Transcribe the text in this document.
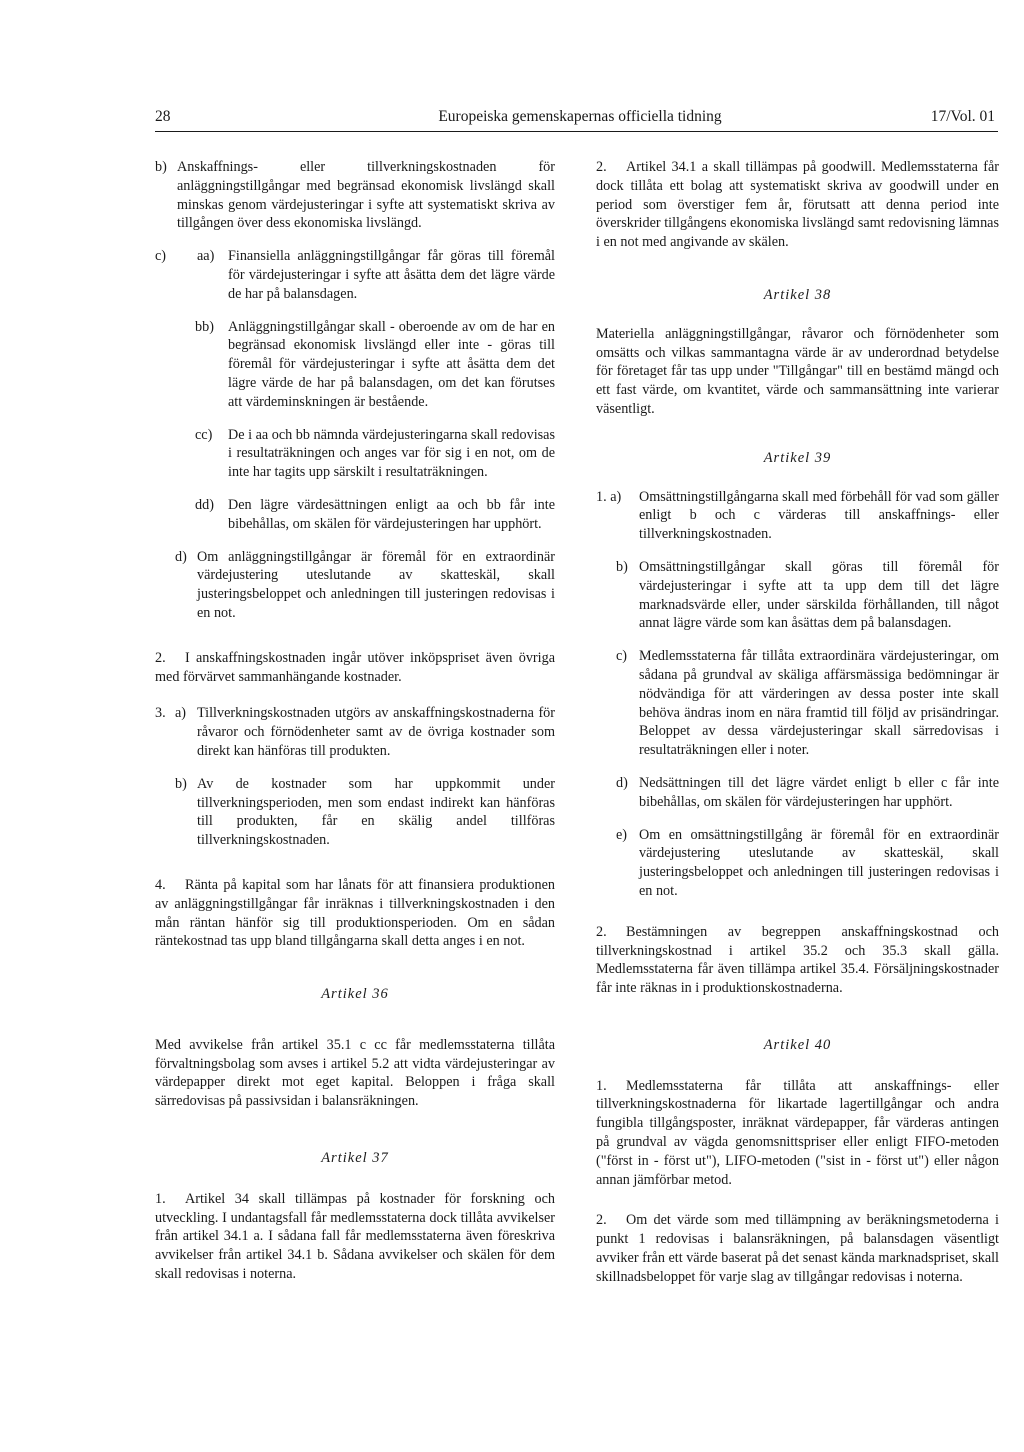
28	Europeiska gemenskapernas officiella tidning	17/Vol. 01
b) Anskaffnings- eller tillverkningskostnaden för anläggningstillgångar med begränsad ekonomisk livslängd skall minskas genom värdejusteringar i syfte att systematiskt skriva av tillgången över dess ekonomiska livslängd.

c) aa) Finansiella anläggningstillgångar får göras till föremål för värdejusteringar i syfte att åsätta dem det lägre värde de har på balansdagen.

bb) Anläggningstillgångar skall - oberoende av om de har en begränsad ekonomisk livslängd eller inte - göras till föremål för värdejusteringar i syfte att åsätta dem det lägre värde de har på balansdagen, om det kan förutses att värdeminskningen är bestående.

cc) De i aa och bb nämnda värdejusteringarna skall redovisas i resultaträkningen och anges var för sig i en not, om de inte har tagits upp särskilt i resultaträkningen.

dd) Den lägre värdesättningen enligt aa och bb får inte bibehållas, om skälen för värdejusteringen har upphört.

d) Om anläggningstillgångar är föremål för en extraordinär värdejustering uteslutande av skatteskäl, skall justeringsbeloppet och anledningen till justeringen redovisas i en not.

2. I anskaffningskostnaden ingår utöver inköpspriset även övriga med förvärvet sammanhängande kostnader.

3. a) Tillverkningskostnaden utgörs av anskaffningskostnaderna för råvaror och förnödenheter samt av de övriga kostnader som direkt kan hänföras till produkten.

b) Av de kostnader som har uppkommit under tillverkningsperioden, men som endast indirekt kan hänföras till produkten, får en skälig andel tillföras tillverkningskostnaden.

4. Ränta på kapital som har lånats för att finansiera produktionen av anläggningstillgångar får inräknas i tillverkningskostnaden i den mån räntan hänför sig till produktionsperioden. Om en sådan räntekostnad tas upp bland tillgångarna skall detta anges i en not.

Artikel 36

Med avvikelse från artikel 35.1 c cc får medlemsstaterna tillåta förvaltningsbolag som avses i artikel 5.2 att vidta värdejusteringar av värdepapper direkt mot eget kapital. Beloppen i fråga skall särredovisas på passivsidan i balansräkningen.

Artikel 37

1. Artikel 34 skall tillämpas på kostnader för forskning och utveckling. I undantagsfall får medlemsstaterna dock tillåta avvikelser från artikel 34.1 a. I sådana fall får medlemsstaterna även föreskriva avvikelser från artikel 34.1 b. Sådana avvikelser och skälen för dem skall redovisas i noterna.

2. Artikel 34.1 a skall tillämpas på goodwill. Medlemsstaterna får dock tillåta ett bolag att systematiskt skriva av goodwill under en period som överstiger fem år, förutsatt att denna period inte överskrider tillgångens ekonomiska livslängd samt redovisning lämnas i en not med angivande av skälen.

Artikel 38

Materiella anläggningstillgångar, råvaror och förnödenheter som omsätts och vilkas sammantagna värde är av underordnad betydelse för företaget får tas upp under "Tillgångar" till en bestämd mängd och ett fast värde, om kvantitet, värde och sammansättning inte varierar väsentligt.

Artikel 39

1. a) Omsättningstillgångarna skall med förbehåll för vad som gäller enligt b och c värderas till anskaffnings- eller tillverkningskostnaden.

b) Omsättningstillgångar skall göras till föremål för värdejusteringar i syfte att ta upp dem till det lägre marknadsvärde eller, under särskilda förhållanden, till något annat lägre värde som kan åsättas dem på balansdagen.

c) Medlemsstaterna får tillåta extraordinära värdejusteringar, om sådana på grundval av skäliga affärsmässiga bedömningar är nödvändiga för att värderingen av dessa poster inte skall behöva ändras inom en nära framtid till följd av prisändringar. Beloppet av dessa värdejusteringar skall särredovisas i resultaträkningen eller i noter.

d) Nedsättningen till det lägre värdet enligt b eller c får inte bibehållas, om skälen för värdejusteringen har upphört.

e) Om en omsättningstillgång är föremål för en extraordinär värdejustering uteslutande av skatteskäl, skall justeringsbeloppet och anledningen till justeringen redovisas i en not.

2. Bestämningen av begreppen anskaffningskostnad och tillverkningskostnad i artikel 35.2 och 35.3 skall gälla. Medlemsstaterna får även tillämpa artikel 35.4. Försäljningskostnader får inte räknas in i produktionskostnaderna.

Artikel 40

1. Medlemsstaterna får tillåta att anskaffnings- eller tillverkningskostnaderna för likartade lagertillgångar och andra fungibla tillgångsposter, inräknat värdepapper, får värderas antingen på grundval av vägda genomsnittspriser eller enligt FIFO-metoden ("först in - först ut"), LIFO-metoden ("sist in - först ut") eller någon annan jämförbar metod.

2. Om det värde som med tillämpning av beräkningsmetoderna i punkt 1 redovisas i balansräkningen, på balansdagen väsentligt avviker från ett värde baserat på det senast kända marknadspriset, skall skillnadsbeloppet för varje slag av tillgångar redovisas i noterna.
